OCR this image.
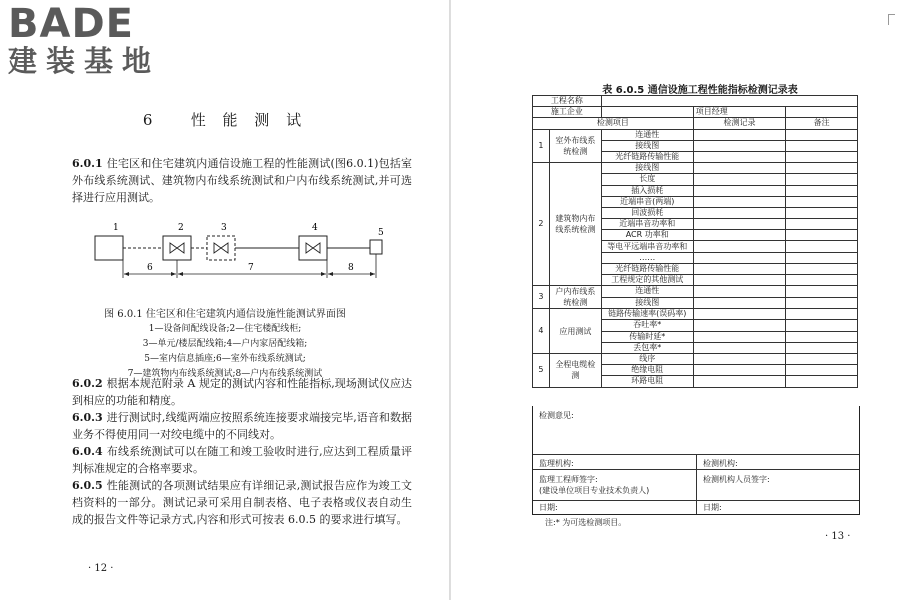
BADE
建装基地
6 性 能 测 试
6.0.1 住宅区和住宅建筑内通信设施工程的性能测试(图6.0.1)包括室外布线系统测试、建筑物内布线系统测试和户内布线系统测试,并可选择进行应用测试。
1	2	3	4	5
6	7	8
图 6.0.1 住宅区和住宅建筑内通信设施性能测试界面图
1—设备间配线设备;2—住宅楼配线柜;
3—单元/楼层配线箱;4—户内家居配线箱;
5—室内信息插座;6—室外布线系统测试;
7—建筑物内布线系统测试;8—户内布线系统测试
6.0.2 根据本规范附录 A 规定的测试内容和性能指标,现场测试仪应达到相应的功能和精度。
6.0.3 进行测试时,线缆两端应按照系统连接要求端接完毕,语音和数据业务不得使用同一对绞电缆中的不同线对。
6.0.4 布线系统测试可以在随工和竣工验收时进行,应达到工程质量评判标准规定的合格率要求。
6.0.5 性能测试的各项测试结果应有详细记录,测试报告应作为竣工文档资料的一部分。测试记录可采用自制表格、电子表格或仪表自动生成的报告文件等记录方式,内容和形式可按表 6.0.5 的要求进行填写。
· 12 ·
表 6.0.5 通信设施工程性能指标检测记录表
工程名称				
施工企业			项目经理	
检测项目			检测记录	备注
1	室外布线系统检测	连通性		
		接线图		
		光纤链路传输性能		
2	建筑物内布线系统检测	接线图		
		长度		
		插入损耗		
		近端串音(两端)		
		回波损耗		
		近端串音功率和		
		ACR 功率和		
		等电平远端串音功率和		
		……		
		光纤链路传输性能		
		工程规定的其他测试		
3	户内布线系统检测	连通性		
		接线图		
4	应用测试	链路传输速率(误码率)		
		吞吐率*		
		传输时延*		
		丢包率*		
5	全程电缆检测	线序		
		绝缘电阻		
		环路电阻		
检测意见:
监理机构:	检测机构:
监理工程师签字:
(建设单位项目专业技术负责人)
检测机构人员签字:
日期:	日期:
注:* 为可选检测项目。
· 13 ·
